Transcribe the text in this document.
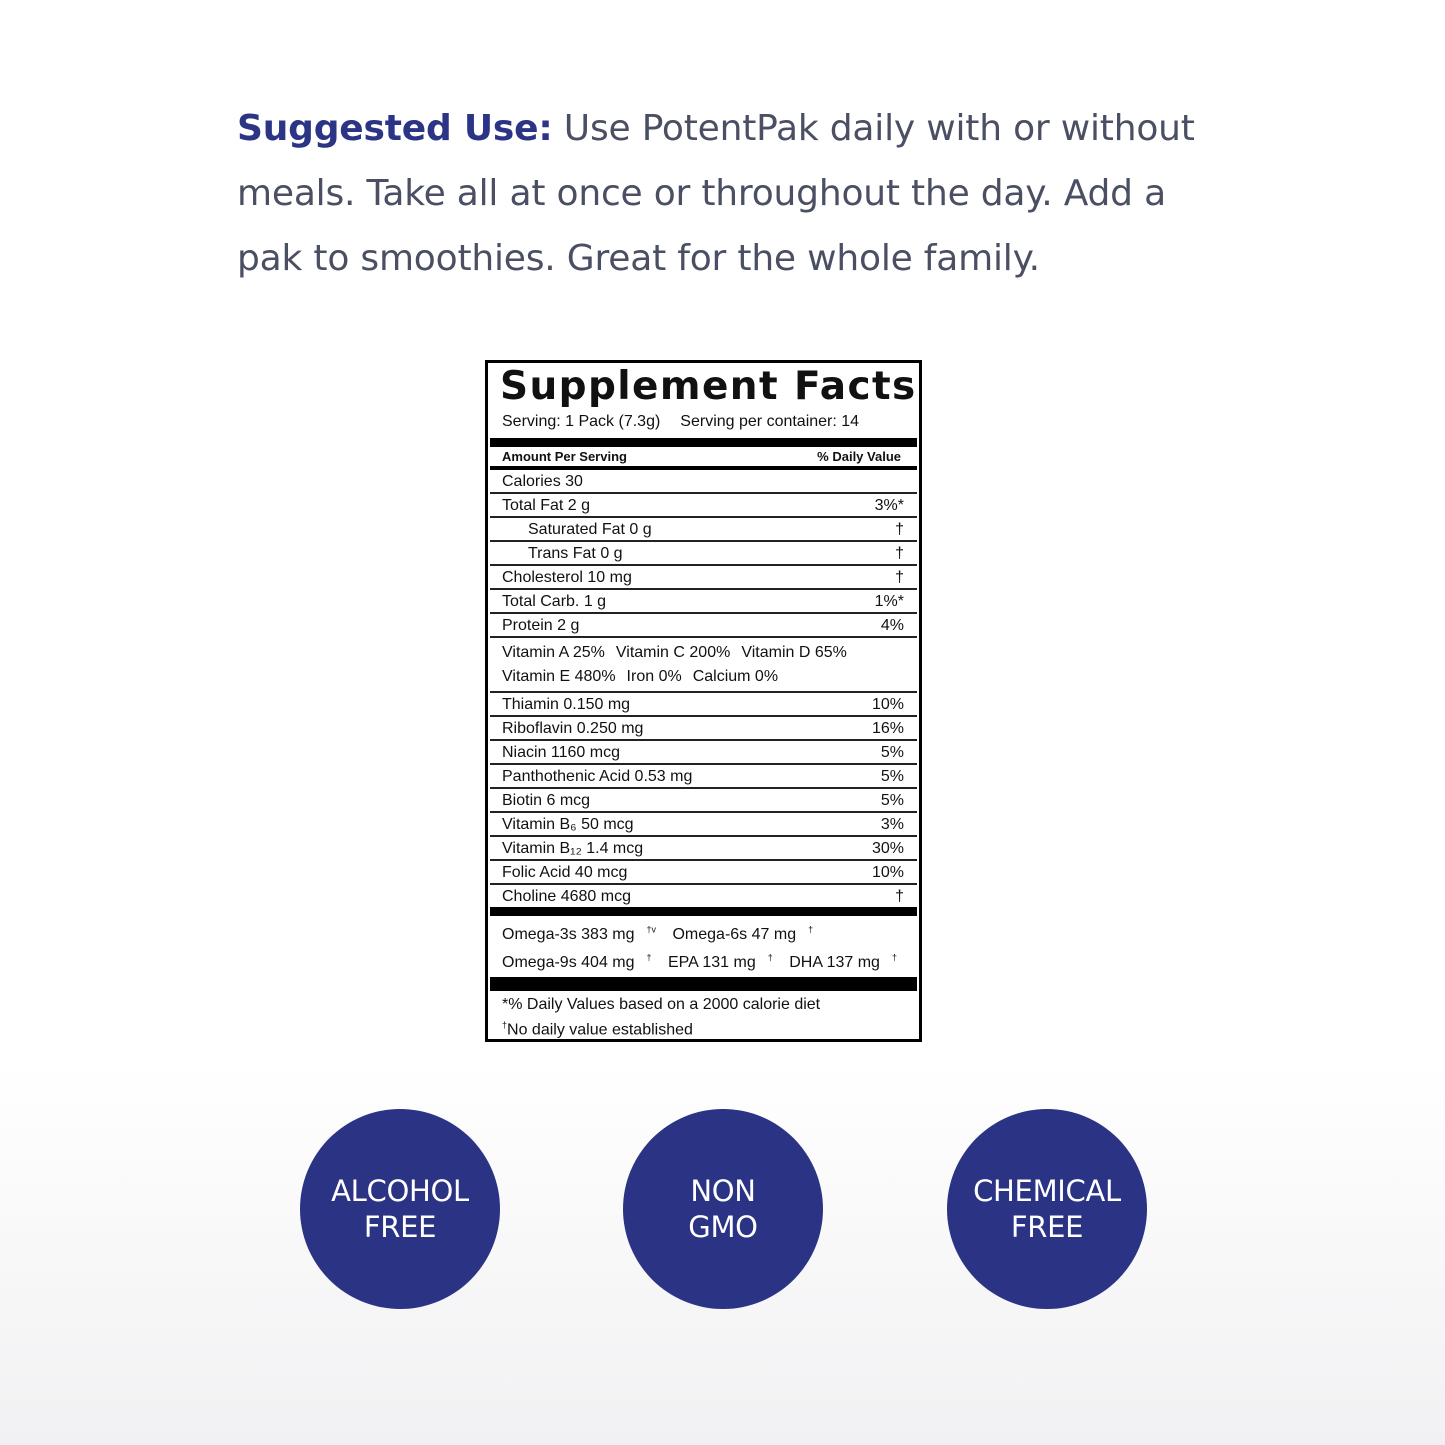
Suggested Use: Use PotentPak daily with or without meals. Take all at once or throughout the day. Add a pak to smoothies. Great for the whole family.

Supplement Facts
Serving: 1 Pack (7.3g) Serving per container: 14
Amount Per Serving	% Daily Value
Calories 30
Total Fat 2 g	3%*
Saturated Fat 0 g	†
Trans Fat 0 g	†
Cholesterol 10 mg	†
Total Carb. 1 g	1%*
Protein 2 g	4%
Vitamin A 25% Vitamin C 200% Vitamin D 65%
Vitamin E 480% Iron 0% Calcium 0%
Thiamin 0.150 mg	10%
Riboflavin 0.250 mg	16%
Niacin 1160 mcg	5%
Panthothenic Acid 0.53 mg	5%
Biotin 6 mcg	5%
Vitamin B₆ 50 mcg	3%
Vitamin B₁₂ 1.4 mcg	30%
Folic Acid 40 mcg	10%
Choline 4680 mcg	†
Omega-3s 383 mg $^{\dagger v}$ Omega-6s 47 mg †
Omega-9s 404 mg † EPA 131 mg † DHA 137 mg †
*% Daily Values based on a 2000 calorie diet
†No daily value established
ALCOHOL
FREE
NON
GMO
CHEMICAL
FREE
